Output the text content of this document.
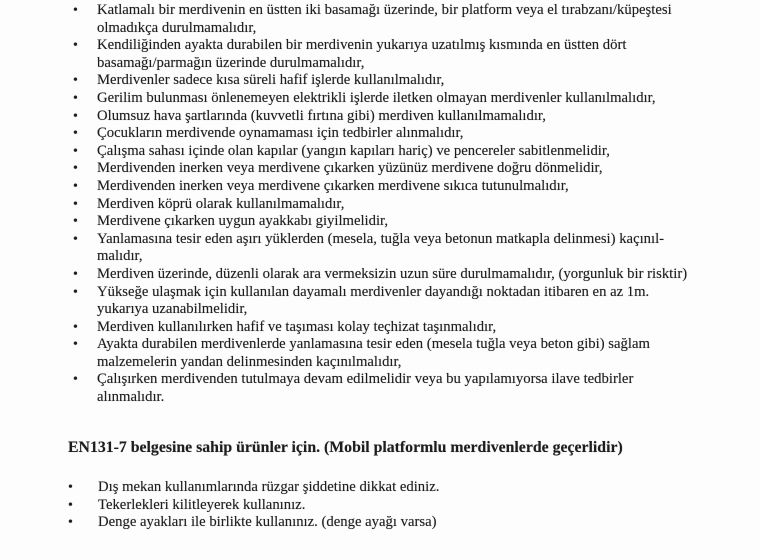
• Katlamalı bir merdivenin en üstten iki basamağı üzerinde, bir platform veya el tırabzanı/küpeştesi olmadıkça durulmamalıdır,
• Kendiliğinden ayakta durabilen bir merdivenin yukarıya uzatılmış kısmında en üstten dört basamağı/parmağın üzerinde durulmamalıdır,
• Merdivenler sadece kısa süreli hafif işlerde kullanılmalıdır,
• Gerilim bulunması önlenemeyen elektrikli işlerde iletken olmayan merdivenler kullanılmalıdır,
• Olumsuz hava şartlarında (kuvvetli fırtına gibi) merdiven kullanılmamalıdır,
• Çocukların merdivende oynamaması için tedbirler alınmalıdır,
• Çalışma sahası içinde olan kapılar (yangın kapıları hariç) ve pencereler sabitlenmelidir,
• Merdivenden inerken veya merdivene çıkarken yüzünüz merdivene doğru dönmelidir,
• Merdivenden inerken veya merdivene çıkarken merdivene sıkıca tutunulmalıdır,
• Merdiven köprü olarak kullanılmamalıdır,
• Merdivene çıkarken uygun ayakkabı giyilmelidir,
• Yanlamasına tesir eden aşırı yüklerden (mesela, tuğla veya betonun matkapla delinmesi) kaçınılmalıdır,
• Merdiven üzerinde, düzenli olarak ara vermeksizin uzun süre durulmamalıdır, (yorgunluk bir risktir)
• Yükseğe ulaşmak için kullanılan dayamalı merdivenler dayandığı noktadan itibaren en az 1m. yukarıya uzanabilmelidir,
• Merdiven kullanılırken hafif ve taşıması kolay teçhizat taşınmalıdır,
• Ayakta durabilen merdivenlerde yanlamasına tesir eden (mesela tuğla veya beton gibi) sağlam malzemelerin yandan delinmesinden kaçınılmalıdır,
• Çalışırken merdivenden tutulmaya devam edilmelidir veya bu yapılamıyorsa ilave tedbirler alınmalıdır.
EN131-7 belgesine sahip ürünler için. (Mobil platformlu merdivenlerde geçerlidir)
• Dış mekan kullanımlarında rüzgar şiddetine dikkat ediniz.
• Tekerlekleri kilitleyerek kullanınız.
• Denge ayakları ile birlikte kullanınız. (denge ayağı varsa)
